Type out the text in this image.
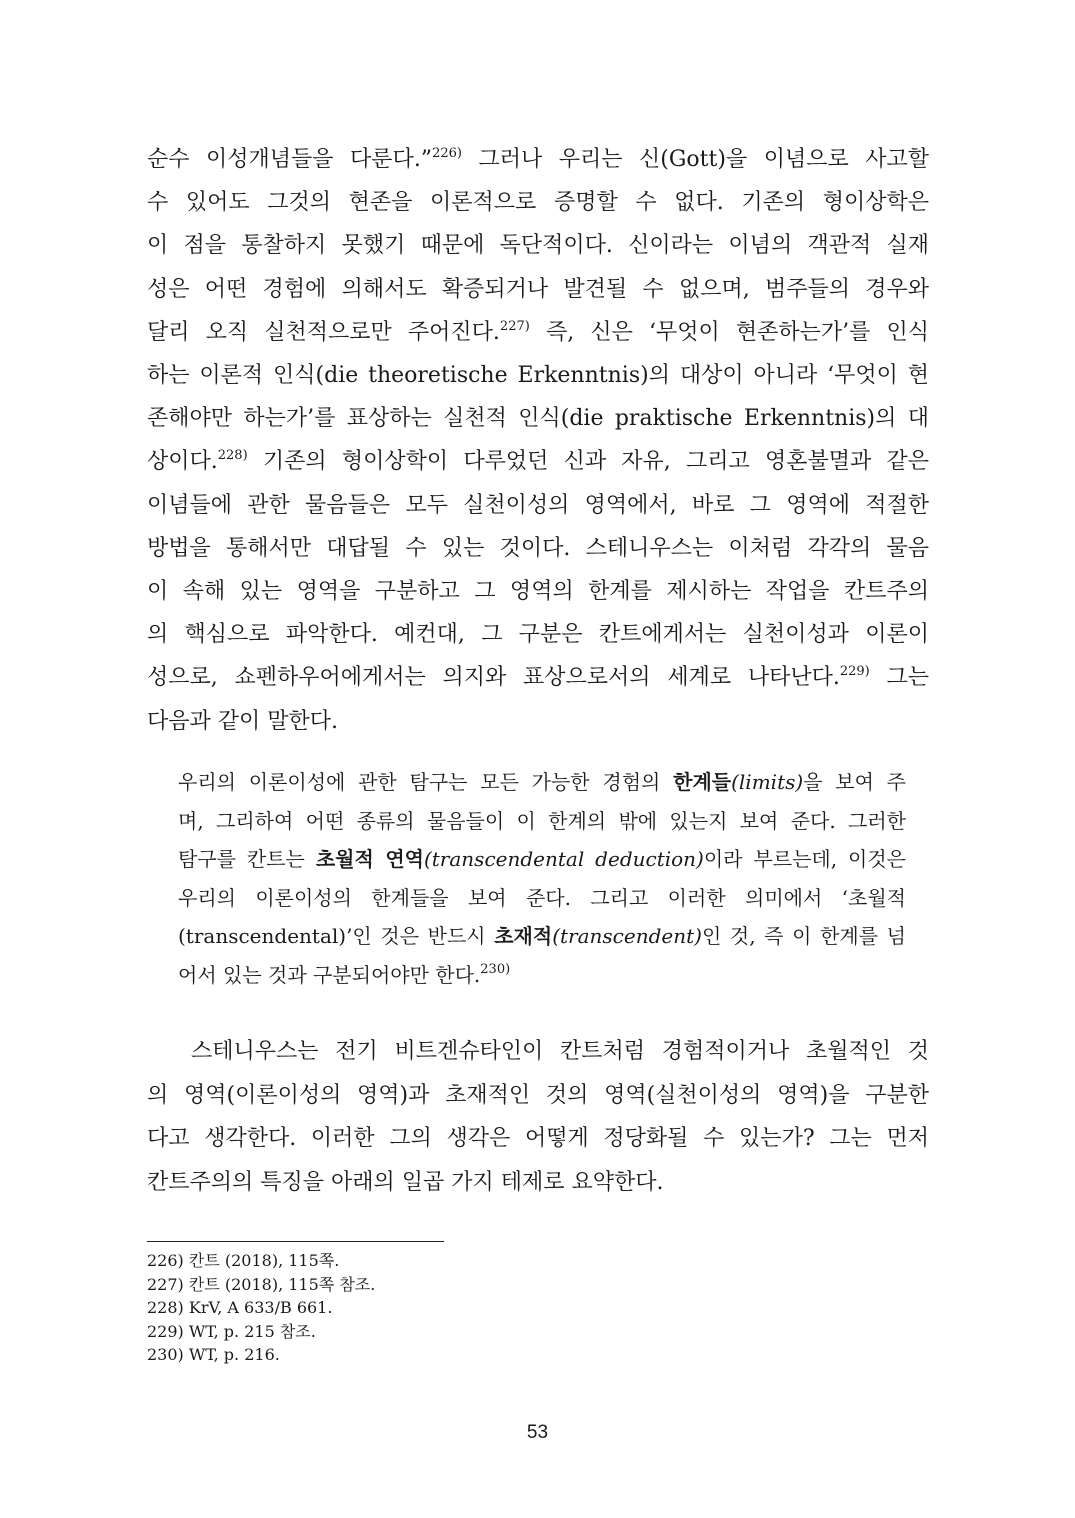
순수 이성개념들을 다룬다.”$^{226)}$ 그러나 우리는 신(Gott)을 이념으로 사고할
수 있어도 그것의 현존을 이론적으로 증명할 수 없다. 기존의 형이상학은
이 점을 통찰하지 못했기 때문에 독단적이다. 신이라는 이념의 객관적 실재
성은 어떤 경험에 의해서도 확증되거나 발견될 수 없으며, 범주들의 경우와
달리 오직 실천적으로만 주어진다.$^{227)}$ 즉, 신은 ‘무엇이 현존하는가’를 인식
하는 이론적 인식(die theoretische Erkenntnis)의 대상이 아니라 ‘무엇이 현
존해야만 하는가’를 표상하는 실천적 인식(die praktische Erkenntnis)의 대
상이다.$^{228)}$ 기존의 형이상학이 다루었던 신과 자유, 그리고 영혼불멸과 같은
이념들에 관한 물음들은 모두 실천이성의 영역에서, 바로 그 영역에 적절한
방법을 통해서만 대답될 수 있는 것이다. 스테니우스는 이처럼 각각의 물음
이 속해 있는 영역을 구분하고 그 영역의 한계를 제시하는 작업을 칸트주의
의 핵심으로 파악한다. 예컨대, 그 구분은 칸트에게서는 실천이성과 이론이
성으로, 쇼펜하우어에게서는 의지와 표상으로서의 세계로 나타난다.$^{229)}$ 그는
다음과 같이 말한다.
우리의 이론이성에 관한 탐구는 모든 가능한 경험의 한계들(limits)을 보여 주
며, 그리하여 어떤 종류의 물음들이 이 한계의 밖에 있는지 보여 준다. 그러한
탐구를 칸트는 초월적 연역(transcendental deduction)이라 부르는데, 이것은
우리의 이론이성의 한계들을 보여 준다. 그리고 이러한 의미에서 ‘초월적
(transcendental)’인 것은 반드시 초재적(transcendent)인 것, 즉 이 한계를 넘
어서 있는 것과 구분되어야만 한다.$^{230)}$
스테니우스는 전기 비트겐슈타인이 칸트처럼 경험적이거나 초월적인 것
의 영역(이론이성의 영역)과 초재적인 것의 영역(실천이성의 영역)을 구분한
다고 생각한다. 이러한 그의 생각은 어떻게 정당화될 수 있는가? 그는 먼저
칸트주의의 특징을 아래의 일곱 가지 테제로 요약한다.
226) 칸트 (2018), 115쪽.
227) 칸트 (2018), 115쪽 참조.
228) KrV, A 633/B 661.
229) WT, p. 215 참조.
230) WT, p. 216.
53
